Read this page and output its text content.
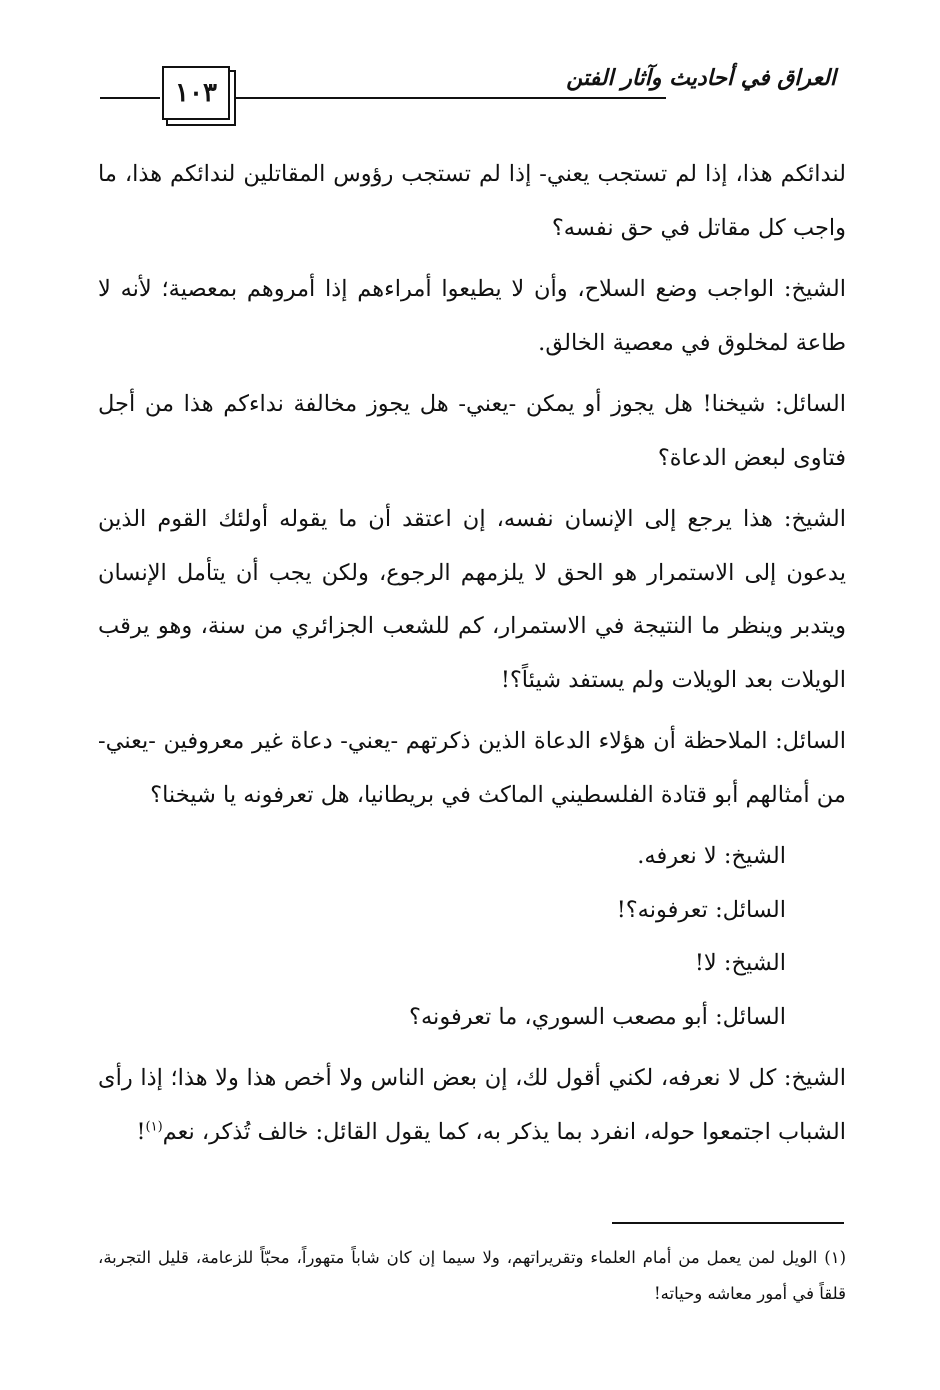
العراق في أحاديث وآثار الفتن
١٠٣

لندائكم هذا، إذا لم تستجب يعني- إذا لم تستجب رؤوس المقاتلين لندائكم هذا، ما واجب كل مقاتل في حق نفسه؟

الشيخ: الواجب وضع السلاح، وأن لا يطيعوا أمراءهم إذا أمروهم بمعصية؛ لأنه لا طاعة لمخلوق في معصية الخالق.

السائل: شيخنا! هل يجوز أو يمكن -يعني- هل يجوز مخالفة نداءكم هذا من أجل فتاوى لبعض الدعاة؟

الشيخ: هذا يرجع إلى الإنسان نفسه، إن اعتقد أن ما يقوله أولئك القوم الذين يدعون إلى الاستمرار هو الحق لا يلزمهم الرجوع، ولكن يجب أن يتأمل الإنسان ويتدبر وينظر ما النتيجة في الاستمرار، كم للشعب الجزائري من سنة، وهو يرقب الويلات بعد الويلات ولم يستفد شيئاً؟!

السائل: الملاحظة أن هؤلاء الدعاة الذين ذكرتهم -يعني- دعاة غير معروفين -يعني- من أمثالهم أبو قتادة الفلسطيني الماكث في بريطانيا، هل تعرفونه يا شيخنا؟

الشيخ: لا نعرفه.

السائل: تعرفونه؟!

الشيخ: لا!

السائل: أبو مصعب السوري، ما تعرفونه؟

الشيخ: كل لا نعرفه، لكني أقول لك، إن بعض الناس ولا أخص هذا ولا هذا؛ إذا رأى الشباب اجتمعوا حوله، انفرد بما يذكر به، كما يقول القائل: خالف تُذكر، نعم$^{(١)}$!

(١) الويل لمن يعمل من أمام العلماء وتقريراتهم، ولا سيما إن كان شاباً متهوراً، محبّاً للزعامة، قليل التجربة، قلقاً في أمور معاشه وحياته!
